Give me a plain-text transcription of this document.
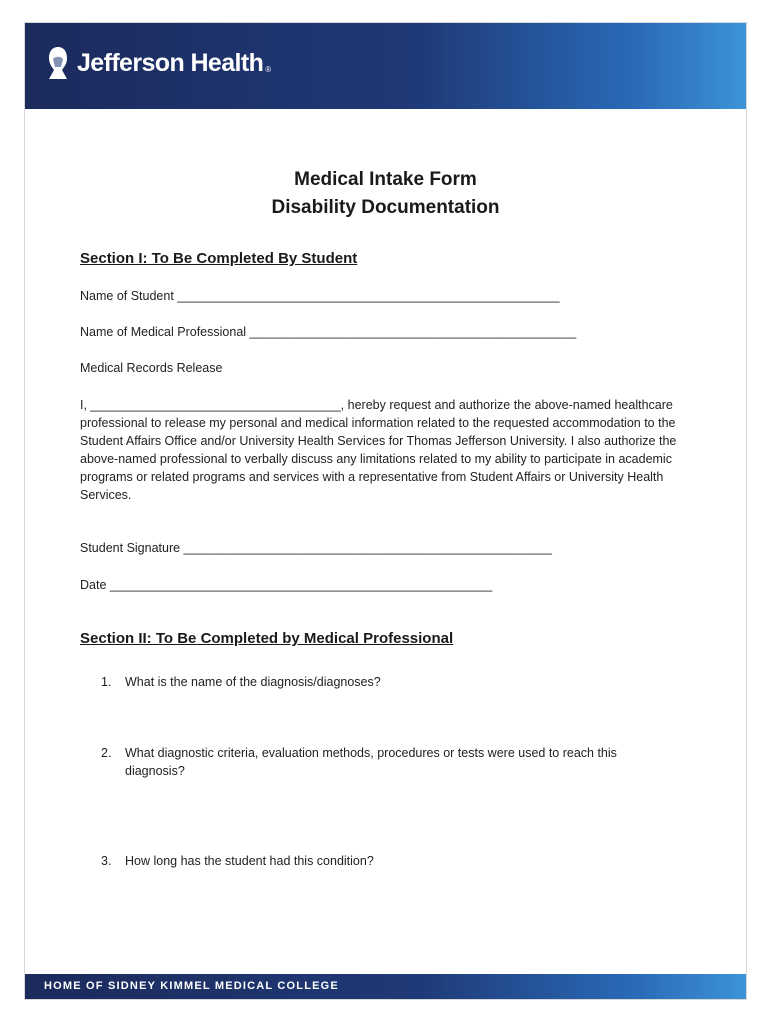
Jefferson Health ®
Medical Intake Form
Disability Documentation
Section I: To Be Completed By Student
Name of Student _______________________________________________________
Name of Medical Professional _______________________________________________
Medical Records Release

I, ____________________________________, hereby request and authorize the above-named healthcare professional to release my personal and medical information related to the requested accommodation to the Student Affairs Office and/or University Health Services for Thomas Jefferson University. I also authorize the above-named professional to verbally discuss any limitations related to my ability to participate in academic programs or related programs and services with a representative from Student Affairs or University Health Services.

Student Signature _____________________________________________________
Date _______________________________________________________
Section II: To Be Completed by Medical Professional
1. What is the name of the diagnosis/diagnoses?
2. What diagnostic criteria, evaluation methods, procedures or tests were used to reach this diagnosis?
3. How long has the student had this condition?
HOME OF SIDNEY KIMMEL MEDICAL COLLEGE
